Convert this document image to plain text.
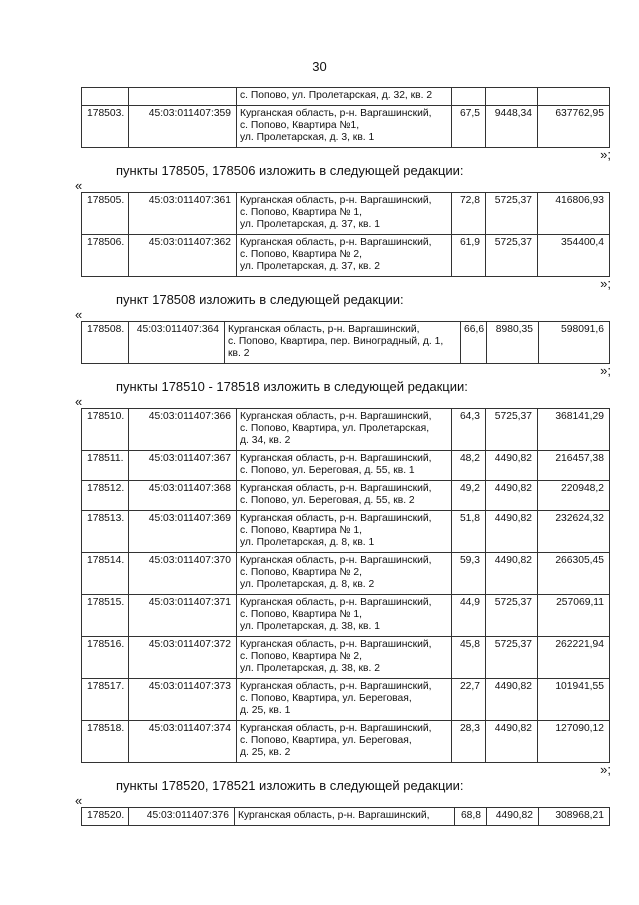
30

		с. Попово, ул. Пролетарская, д. 32, кв. 2			

178503.	45:03:011407:359	Курганская область, р-н. Варгашинский,
с. Попово, Квартира №1,
ул. Пролетарская, д. 3, кв. 1	67,5	9448,34	637762,95
»;
пункты 178505, 178506 изложить в следующей редакции:
«
178505.	45:03:011407:361	Курганская область, р-н. Варгашинский,
с. Попово, Квартира № 1,
ул. Пролетарская, д. 37, кв. 1	72,8	5725,37	416806,93
178506.	45:03:011407:362	Курганская область, р-н. Варгашинский,
с. Попово, Квартира № 2,
ул. Пролетарская, д. 37, кв. 2	61,9	5725,37	354400,4
»;
пункт 178508 изложить в следующей редакции:
«
178508.	45:03:011407:364	Курганская область, р-н. Варгашинский,
с. Попово, Квартира, пер. Виноградный, д. 1,
кв. 2
	66,6	8980,35	598091,6
»;
пункты 178510 - 178518 изложить в следующей редакции:
«
178510.	45:03:011407:366	Курганская область, р-н. Варгашинский,
с. Попово, Квартира, ул. Пролетарская,
д. 34, кв. 2	64,3	5725,37	368141,29
178511.	45:03:011407:367	Курганская область, р-н. Варгашинский,
с. Попово, ул. Береговая, д. 55, кв. 1	48,2	4490,82	216457,38
178512.	45:03:011407:368	Курганская область, р-н. Варгашинский,
с. Попово, ул. Береговая, д. 55, кв. 2	49,2	4490,82	220948,2
178513.	45:03:011407:369	Курганская область, р-н. Варгашинский,
с. Попово, Квартира № 1,
ул. Пролетарская, д. 8, кв. 1	51,8	4490,82	232624,32
178514.	45:03:011407:370	Курганская область, р-н. Варгашинский,
с. Попово, Квартира № 2,
ул. Пролетарская, д. 8, кв. 2	59,3	4490,82	266305,45
178515.	45:03:011407:371	Курганская область, р-н. Варгашинский,
с. Попово, Квартира № 1,
ул. Пролетарская, д. 38, кв. 1	44,9	5725,37	257069,11
178516.	45:03:011407:372	Курганская область, р-н. Варгашинский,
с. Попово, Квартира № 2,
ул. Пролетарская, д. 38, кв. 2	45,8	5725,37	262221,94
178517.	45:03:011407:373	Курганская область, р-н. Варгашинский,
с. Попово, Квартира, ул. Береговая,
д. 25, кв. 1	22,7	4490,82	101941,55
178518.	45:03:011407:374	Курганская область, р-н. Варгашинский,
с. Попово, Квартира, ул. Береговая,
д. 25, кв. 2	28,3	4490,82	127090,12
»;
пункты 178520, 178521 изложить в следующей редакции:
«
178520.	45:03:011407:376	Курганская область, р-н. Варгашинский,	68,8	4490,82	308968,21
